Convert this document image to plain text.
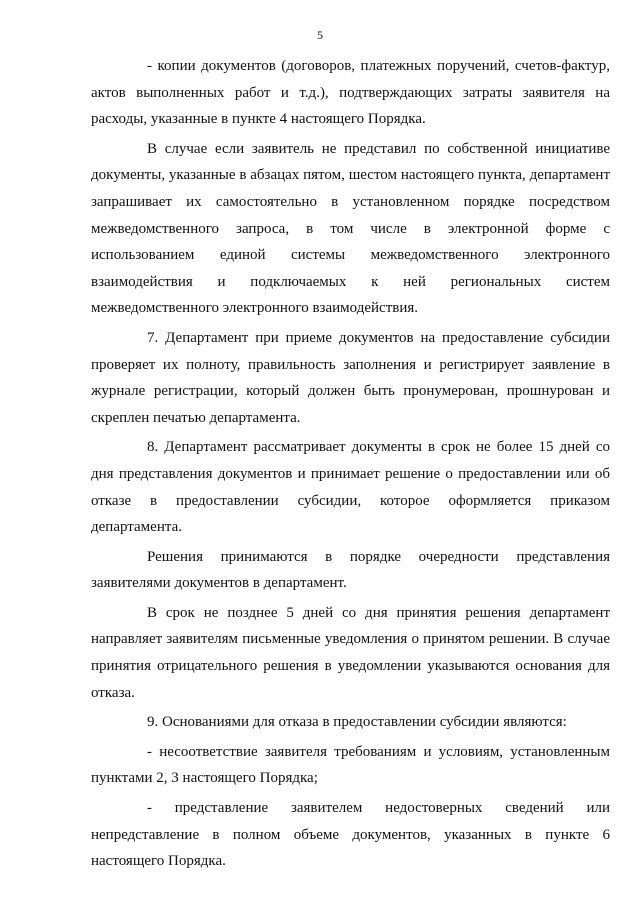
5

- копии документов (договоров, платежных поручений, счетов-фактур, актов выполненных работ и т.д.), подтверждающих затраты заявителя на расходы, указанные в пункте 4 настоящего Порядка.

В случае если заявитель не представил по собственной инициативе документы, указанные в абзацах пятом, шестом настоящего пункта, департамент запрашивает их самостоятельно в установленном порядке посредством межведомственного запроса, в том числе в электронной форме с использованием единой системы межведомственного электронного взаимодействия и подключаемых к ней региональных систем межведомственного электронного взаимодействия.

7. Департамент при приеме документов на предоставление субсидии проверяет их полноту, правильность заполнения и регистрирует заявление в журнале регистрации, который должен быть пронумерован, прошнурован и скреплен печатью департамента.

8. Департамент рассматривает документы в срок не более 15 дней со дня представления документов и принимает решение о предоставлении или об отказе в предоставлении субсидии, которое оформляется приказом департамента.

Решения принимаются в порядке очередности представления заявителями документов в департамент.

В срок не позднее 5 дней со дня принятия решения департамент направляет заявителям письменные уведомления о принятом решении. В случае принятия отрицательного решения в уведомлении указываются основания для отказа.

9. Основаниями для отказа в предоставлении субсидии являются:

- несоответствие заявителя требованиям и условиям, установленным пунктами 2, 3 настоящего Порядка;

- представление заявителем недостоверных сведений или непредставление в полном объеме документов, указанных в пункте 6 настоящего Порядка.
